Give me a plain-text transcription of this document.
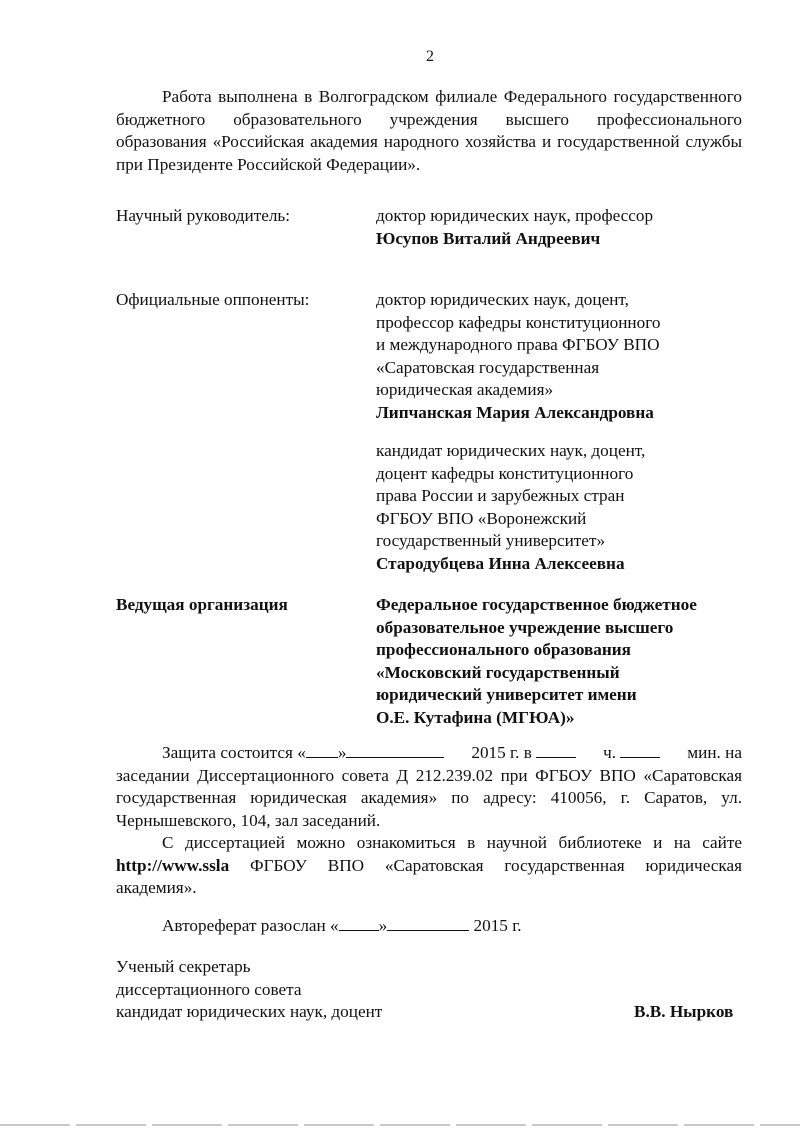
2
Работа выполнена в Волгоградском филиале Федерального государственного бюджетного образовательного учреждения высшего профессионального образования «Российская академия народного хозяйства и государственной службы при Президенте Российской Федерации».
Научный руководитель:	доктор юридических наук, профессор
Юсупов Виталий Андреевич
Официальные оппоненты:	доктор юридических наук, доцент,
профессор кафедры конституционного
и международного права ФГБОУ ВПО
«Саратовская государственная
юридическая академия»
Липчанская Мария Александровна
кандидат юридических наук, доцент,
доцент кафедры конституционного
права России и зарубежных стран
ФГБОУ ВПО «Воронежский
государственный университет»
Стародубцева Инна Алексеевна
Ведущая организация	Федеральное государственное бюджетное
образовательное учреждение высшего
профессионального образования
«Московский государственный
юридический университет имени
О.Е. Кутафина (МГЮА)»
Защита состоится « »	2015 г. в	ч.	мин. на
заседании Диссертационного совета Д 212.239.02 при ФГБОУ ВПО «Саратовская государственная юридическая академия» по адресу: 410056, г. Саратов, ул. Чернышевского, 104, зал заседаний.
С диссертацией можно ознакомиться в научной библиотеке и на сайте http://www.ssla ФГБОУ ВПО «Саратовская государственная юридическая академия».
Автореферат разослан « »	2015 г.
Ученый секретарь
диссертационного совета
кандидат юридических наук, доцент	В.В. Нырков
